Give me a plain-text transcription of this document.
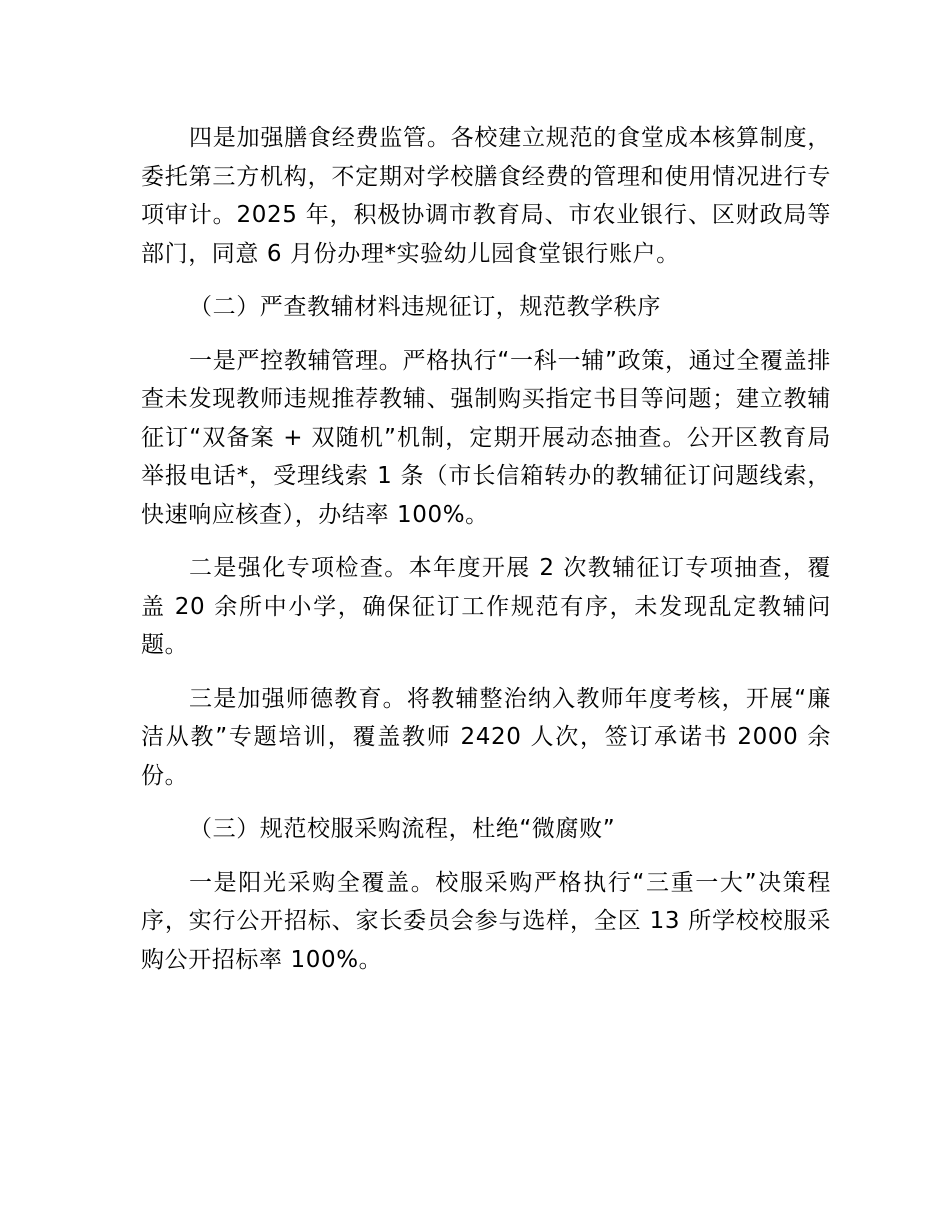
四是加强膳食经费监管。各校建立规范的食堂成本核算制度，委托第三方机构，不定期对学校膳食经费的管理和使用情况进行专项审计。2025 年，积极协调市教育局、市农业银行、区财政局等部门，同意 6 月份办理*实验幼儿园食堂银行账户。

（二）严查教辅材料违规征订，规范教学秩序

一是严控教辅管理。严格执行“一科一辅”政策，通过全覆盖排查未发现教师违规推荐教辅、强制购买指定书目等问题；建立教辅征订“双备案 + 双随机”机制，定期开展动态抽查。公开区教育局举报电话*，受理线索 1 条（市长信箱转办的教辅征订问题线索，快速响应核查），办结率 100%。

二是强化专项检查。本年度开展 2 次教辅征订专项抽查，覆盖 20 余所中小学，确保征订工作规范有序，未发现乱定教辅问题。

三是加强师德教育。将教辅整治纳入教师年度考核，开展“廉洁从教”专题培训，覆盖教师 2420 人次，签订承诺书 2000 余份。

（三）规范校服采购流程，杜绝“微腐败”

一是阳光采购全覆盖。校服采购严格执行“三重一大”决策程序，实行公开招标、家长委员会参与选样，全区 13 所学校校服采购公开招标率 100%。
